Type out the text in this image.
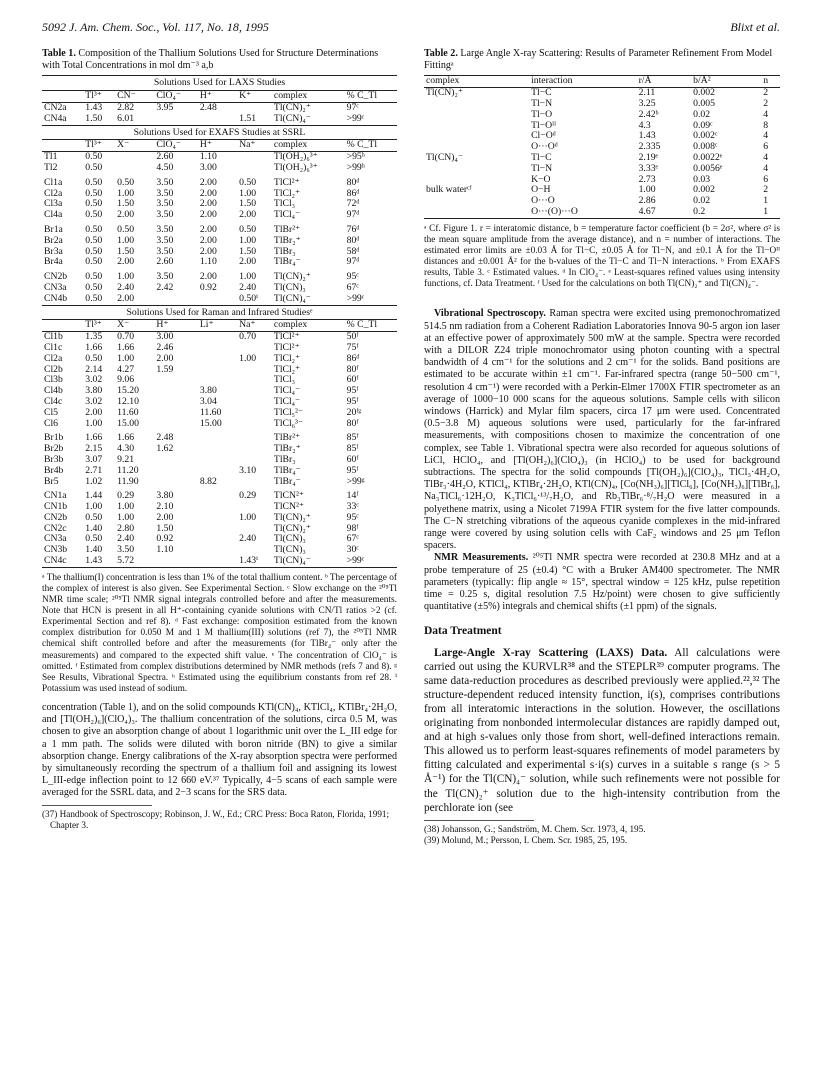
5092 J. Am. Chem. Soc., Vol. 117, No. 18, 1995	Blixt et al.

Table 1. Composition of the Thallium Solutions Used for Structure Determinations with Total Concentrations in mol dm⁻³ a,b

Solutions Used for LAXS Studies							
	Tl³⁺	CN⁻	ClO₄⁻	H⁺	K⁺	complex	% C_Tl
CN2a	1.43	2.82	3.95	2.48		Tl(CN)₂⁺	97ᶜ
CN4a	1.50	6.01			1.51	Tl(CN)₄⁻	>99ᶜ
Solutions Used for EXAFS Studies at SSRL							
	Tl³⁺	X⁻	ClO₄⁻	H⁺	Na⁺	complex	% C_Tl
Tl1	0.50		2.60	1.10		Tl(OH₂)₆³⁺	>95ʰ
Tl2	0.50		4.50	3.00		Tl(OH₂)₆³⁺	>99ʰ

Cl1a	0.50	0.50	3.50	2.00	0.50	TlCl²⁺	80ᵈ
Cl2a	0.50	1.00	3.50	2.00	1.00	TlCl₂⁺	86ᵈ
Cl3a	0.50	1.50	3.50	2.00	1.50	TlCl₃	72ᵈ
Cl4a	0.50	2.00	3.50	2.00	2.00	TlCl₄⁻	97ᵈ

Br1a	0.50	0.50	3.50	2.00	0.50	TlBr²⁺	76ᵈ
Br2a	0.50	1.00	3.50	2.00	1.00	TlBr₂⁺	80ᵈ
Br3a	0.50	1.50	3.50	2.00	1.50	TlBr₃	58ᵈ
Br4a	0.50	2.00	2.60	1.10	2.00	TlBr₄⁻	97ᵈ

CN2b	0.50	1.00	3.50	2.00	1.00	Tl(CN)₂⁺	95ᶜ
CN3a	0.50	2.40	2.42	0.92	2.40	Tl(CN)₃	67ᶜ
CN4b	0.50	2.00			0.50ⁱ	Tl(CN)₄⁻	>99ᶜ
Solutions Used for Raman and Infrared Studiesᵉ							
	Tl³⁺	X⁻	H⁺	Li⁺	Na⁺	complex	% C_Tl
Cl1b	1.35	0.70	3.00		0.70	TlCl²⁺	50ᶠ
Cl1c	1.66	1.66	2.46			TlCl²⁺	75ᶠ
Cl2a	0.50	1.00	2.00		1.00	TlCl₂⁺	86ᵈ
Cl2b	2.14	4.27	1.59			TlCl₂⁺	80ᶠ
Cl3b	3.02	9.06				TlCl₃	60ᶠ
Cl4b	3.80	15.20		3.80		TlCl₄⁻	95ᶠ
Cl4c	3.02	12.10		3.04		TlCl₄⁻	95ᶠ
Cl5	2.00	11.60		11.60		TlCl₅²⁻	20ᶠᵍ
Cl6	1.00	15.00		15.00		TlCl₆³⁻	80ᶠ

Br1b	1.66	1.66	2.48			TlBr²⁺	85ᶠ
Br2b	2.15	4.30	1.62			TlBr₂⁺	85ᶠ
Br3b	3.07	9.21				TlBr₃	60ᶠ
Br4b	2.71	11.20			3.10	TlBr₄⁻	95ᶠ
Br5	1.02	11.90		8.82		TlBr₄⁻	>99ᵍ

CN1a	1.44	0.29	3.80		0.29	TlCN²⁺	14ᶠ
CN1b	1.00	1.00	2.10			TlCN²⁺	33ᶜ
CN2b	0.50	1.00	2.00		1.00	Tl(CN)₂⁺	95ᶜ
CN2c	1.40	2.80	1.50			Tl(CN)₂⁺	98ᶠ
CN3a	0.50	2.40	0.92		2.40	Tl(CN)₃	67ᶜ
CN3b	1.40	3.50	1.10			Tl(CN)₃	30ᶜ
CN4c	1.43	5.72			1.43ⁱ	Tl(CN)₄⁻	>99ᶜ

ᵃ The thallium(I) concentration is less than 1% of the total thallium content. ᵇ The percentage of the complex of interest is also given. See Experimental Section. ᶜ Slow exchange on the ²⁰⁵Tl NMR time scale; ²⁰⁵Tl NMR signal integrals controlled before and after the measurements. Note that HCN is present in all H⁺-containing cyanide solutions with CN/Tl ratios >2 (cf. Experimental Section and ref 8). ᵈ Fast exchange: composition estimated from the known complex distribution for 0.050 M and 1 M thallium(III) solutions (ref 7), the ²⁰⁵Tl NMR chemical shift controlled before and after the measurements (for TlBr₄⁻ only after the measurements) and compared to the expected shift value. ᵉ The concentration of ClO₄⁻ is omitted. ᶠ Estimated from complex distributions determined by NMR methods (refs 7 and 8). ᵍ See Results, Vibrational Spectra. ʰ Estimated using the equilibrium constants from ref 28. ⁱ Potassium was used instead of sodium.

concentration (Table 1), and on the solid compounds KTl(CN)₄, KTlCl₄, KTlBr₄·2H₂O, and [Tl(OH₂)₆](ClO₄)₃. The thallium concentration of the solutions, circa 0.5 M, was chosen to give an absorption change of about 1 logarithmic unit over the L_III edge for a 1 mm path. The solids were diluted with boron nitride (BN) to give a similar absorption change. Energy calibrations of the X-ray absorption spectra were performed by simultaneously recording the spectrum of a thallium foil and assigning its lowest L_III-edge inflection point to 12 660 eV.³⁷ Typically, 4−5 scans of each sample were averaged for the SSRL data, and 2−3 scans for the SRS data.

(37) Handbook of Spectroscopy; Robinson, J. W., Ed.; CRC Press: Boca Raton, Florida, 1991; Chapter 3.

Table 2. Large Angle X-ray Scattering: Results of Parameter Refinement From Model Fittingᵃ

complex	interaction	r/Å	b/Å²	n
Tl(CN)₂⁺	Tl−C	2.11	0.002	2
	Tl−N	3.25	0.005	2
	Tl−O	2.42ᵇ	0.02	4
	Tl−Oᴵᴵ	4.3	0.09ᶜ	8
	Cl−Oᵈ	1.43	0.002ᶜ	4
	O···Oᵈ	2.335	0.008ᶜ	6
Tl(CN)₄⁻	Tl−C	2.19ᵉ	0.0022ᵉ	4
	Tl−N	3.33ᵉ	0.0056ᵉ	4
	K−O	2.73	0.03	6
bulk waterᶜᶠ	O−H	1.00	0.002	2
	O···O	2.86	0.02	1
	O···(O)···O	4.67	0.2	1

ᵃ Cf. Figure 1. r = interatomic distance, b = temperature factor coefficient (b = 2σ², where σ² is the mean square amplitude from the average distance), and n = number of interactions. The estimated error limits are ±0.03 Å for Tl−C, ±0.05 Å for Tl−N, and ±0.1 Å for the Tl−Oᴵᴵ distances and ±0.001 Å² for the b-values of the Tl−C and Tl−N interactions. ᵇ From EXAFS results, Table 3. ᶜ Estimated values. ᵈ In ClO₄⁻. ᵉ Least-squares refined values using intensity functions, cf. Data Treatment. ᶠ Used for the calculations on both Tl(CN)₂⁺ and Tl(CN)₄⁻.

Vibrational Spectroscopy. Raman spectra were excited using premonochromatized 514.5 nm radiation from a Coherent Radiation Laboratories Innova 90-5 argon ion laser at an effective power of approximately 500 mW at the sample. Spectra were recorded with a DILOR Z24 triple monochromator using photon counting with a spectral bandwidth of 4 cm⁻¹ for the solutions and 2 cm⁻¹ for the solids. Band positions are estimated to be accurate within ±1 cm⁻¹. Far-infrared spectra (range 50−500 cm⁻¹, resolution 4 cm⁻¹) were recorded with a Perkin-Elmer 1700X FTIR spectrometer as an average of 1000−10 000 scans for the aqueous solutions. Sample cells with silicon windows (Harrick) and Mylar film spacers, circa 17 μm were used. Concentrated (0.5−3.8 M) aqueous solutions were used, particularly for the far-infrared measurements, with compositions chosen to maximize the concentration of one complex, see Table 1. Vibrational spectra were also recorded for aqueous solutions of LiCl, HClO₄, and [Tl(OH₂)₆](ClO₄)₃ (in HClO₄) to be used for background subtractions. The spectra for the solid compounds [Tl(OH₂)₆](ClO₄)₃, TlCl₃·4H₂O, TlBr₃·4H₂O, KTlCl₄, KTlBr₄·2H₂O, KTl(CN)₄, [Co(NH₃)₆][TlCl₆], [Co(NH₃)₆][TlBr₆], Na₃TlCl₆·12H₂O, K₃TlCl₆·¹³/₇H₂O, and Rb₃TlBr₆·⁸/₇H₂O were measured in a polyethene matrix, using a Nicolet 7199A FTIR system for the five latter compounds. The C−N stretching vibrations of the aqueous cyanide complexes in the mid-infrared range were covered by using solution cells with CaF₂ windows and 25 μm Teflon spacers.

NMR Measurements. ²⁰⁵Tl NMR spectra were recorded at 230.8 MHz and at a probe temperature of 25 (±0.4) °C with a Bruker AM400 spectrometer. The NMR parameters (typically: flip angle ≈ 15°, spectral window = 125 kHz, pulse repetition time = 0.25 s, digital resolution 7.5 Hz/point) were chosen to give sufficiently quantitative (±5%) integrals and chemical shifts (±1 ppm) of the signals.

Data Treatment

Large-Angle X-ray Scattering (LAXS) Data. All calculations were carried out using the KURVLR³⁸ and the STEPLR³⁹ computer programs. The same data-reduction procedures as described previously were applied.²²,³² The structure-dependent reduced intensity function, i(s), comprises contributions from all interatomic interactions in the solution. However, the oscillations originating from nonbonded intermolecular distances are rapidly damped out, and at high s-values only those from short, well-defined interactions remain. This allowed us to perform least-squares refinements of model parameters by fitting calculated and experimental s·i(s) curves in a suitable s range (s > 5 Å⁻¹) for the Tl(CN)₄⁻ solution, while such refinements were not possible for the Tl(CN)₂⁺ solution due to the high-intensity contribution from the perchlorate ion (see

(38) Johansson, G.; Sandström, M. Chem. Scr. 1973, 4, 195.

(39) Molund, M.; Persson, I. Chem. Scr. 1985, 25, 195.
